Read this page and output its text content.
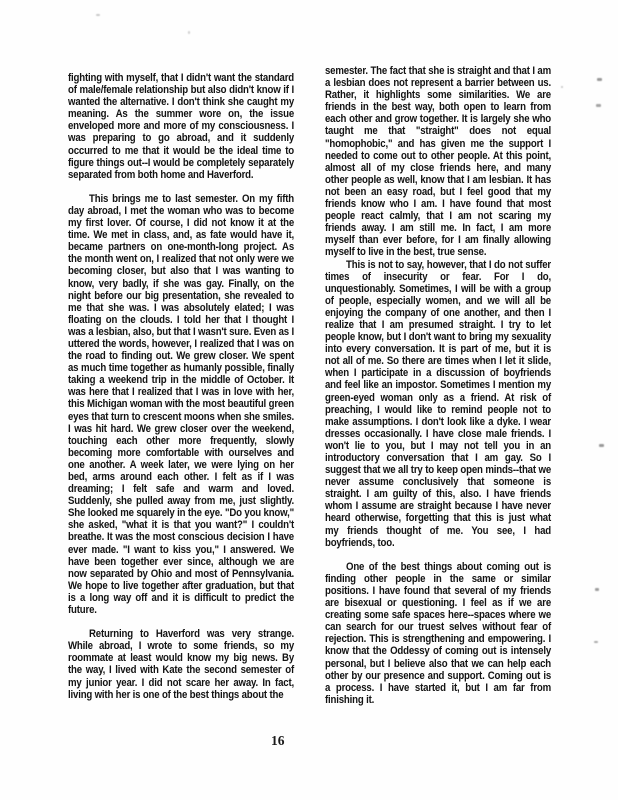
fighting with myself, that I didn't want the standard of male/female relationship but also didn't know if I wanted the alternative. I don't think she caught my meaning. As the summer wore on, the issue enveloped more and more of my consciousness. I was preparing to go abroad, and it suddenly occurred to me that it would be the ideal time to figure things out--I would be completely separately separated from both home and Haverford.

This brings me to last semester. On my fifth day abroad, I met the woman who was to become my first lover. Of course, I did not know it at the time. We met in class, and, as fate would have it, became partners on one-month-long project. As the month went on, I realized that not only were we becoming closer, but also that I was wanting to know, very badly, if she was gay. Finally, on the night before our big presentation, she revealed to me that she was. I was absolutely elated; I was floating on the clouds. I told her that I thought I was a lesbian, also, but that I wasn't sure. Even as I uttered the words, however, I realized that I was on the road to finding out. We grew closer. We spent as much time together as humanly possible, finally taking a weekend trip in the middle of October. It was here that I realized that I was in love with her, this Michigan woman with the most beautiful green eyes that turn to crescent moons when she smiles. I was hit hard. We grew closer over the weekend, touching each other more frequently, slowly becoming more comfortable with ourselves and one another. A week later, we were lying on her bed, arms around each other. I felt as if I was dreaming; I felt safe and warm and loved. Suddenly, she pulled away from me, just slightly. She looked me squarely in the eye. "Do you know," she asked, "what it is that you want?" I couldn't breathe. It was the most conscious decision I have ever made. "I want to kiss you," I answered. We have been together ever since, although we are now separated by Ohio and most of Pennsylvania. We hope to live together after graduation, but that is a long way off and it is difficult to predict the future.

Returning to Haverford was very strange. While abroad, I wrote to some friends, so my roommate at least would know my big news. By the way, I lived with Kate the second semester of my junior year. I did not scare her away. In fact, living with her is one of the best things about the

semester. The fact that she is straight and that I am a lesbian does not represent a barrier between us. Rather, it highlights some similarities. We are friends in the best way, both open to learn from each other and grow together. It is largely she who taught me that "straight" does not equal "homophobic," and has given me the support I needed to come out to other people. At this point, almost all of my close friends here, and many other people as well, know that I am lesbian. It has not been an easy road, but I feel good that my friends know who I am. I have found that most people react calmly, that I am not scaring my friends away. I am still me. In fact, I am more myself than ever before, for I am finally allowing myself to live in the best, true sense.

This is not to say, however, that I do not suffer times of insecurity or fear. For I do, unquestionably. Sometimes, I will be with a group of people, especially women, and we will all be enjoying the company of one another, and then I realize that I am presumed straight. I try to let people know, but I don't want to bring my sexuality into every conversation. It is part of me, but it is not all of me. So there are times when I let it slide, when I participate in a discussion of boyfriends and feel like an impostor. Sometimes I mention my green-eyed woman only as a friend. At risk of preaching, I would like to remind people not to make assumptions. I don't look like a dyke. I wear dresses occasionally. I have close male friends. I won't lie to you, but I may not tell you in an introductory conversation that I am gay. So I suggest that we all try to keep open minds--that we never assume conclusively that someone is straight. I am guilty of this, also. I have friends whom I assume are straight because I have never heard otherwise, forgetting that this is just what my friends thought of me. You see, I had boyfriends, too.

One of the best things about coming out is finding other people in the same or similar positions. I have found that several of my friends are bisexual or questioning. I feel as if we are creating some safe spaces here--spaces where we can search for our truest selves without fear of rejection. This is strengthening and empowering. I know that the Oddessy of coming out is intensely personal, but I believe also that we can help each other by our presence and support. Coming out is a process. I have started it, but I am far from finishing it.

16
